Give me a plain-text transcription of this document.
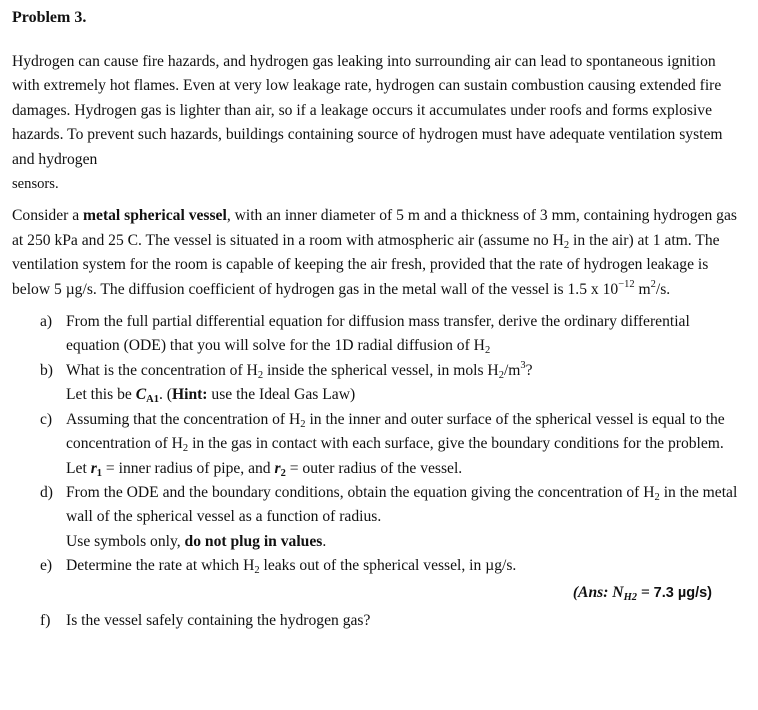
Problem 3.

Hydrogen can cause fire hazards, and hydrogen gas leaking into surrounding air can lead to spontaneous ignition with extremely hot flames. Even at very low leakage rate, hydrogen can sustain combustion causing extended fire damages. Hydrogen gas is lighter than air, so if a leakage occurs it accumulates under roofs and forms explosive hazards. To prevent such hazards, buildings containing source of hydrogen must have adequate ventilation system and hydrogen
sensors.

Consider a metal spherical vessel, with an inner diameter of 5 m and a thickness of 3 mm, containing hydrogen gas at 250 kPa and 25 C. The vessel is situated in a room with atmospheric air (assume no $H_2$ in the air) at 1 atm. The ventilation system for the room is capable of keeping the air fresh, provided that the rate of hydrogen leakage is below 5 µg/s. The diffusion coefficient of hydrogen gas in the metal wall of the vessel is 1.5 x $10^{-12}$ $m^2/s$.

a) From the full partial differential equation for diffusion mass transfer, derive the ordinary differential equation (ODE) that you will solve for the 1D radial diffusion of $H_2$
b) What is the concentration of $H_2$ inside the spherical vessel, in mols $H_2/m^3$?
Let this be $C_{A1}$. (Hint: use the Ideal Gas Law)
c) Assuming that the concentration of $H_2$ in the inner and outer surface of the spherical vessel is equal to the concentration of $H_2$ in the gas in contact with each surface, give the boundary conditions for the problem. Let $r_1$ = inner radius of pipe, and $r_2$ = outer radius of the vessel.
d) From the ODE and the boundary conditions, obtain the equation giving the concentration of $H_2$ in the metal wall of the spherical vessel as a function of radius.
Use symbols only, do not plug in values.
e) Determine the rate at which $H_2$ leaks out of the spherical vessel, in µg/s.
(Ans: $N_{H2} = 7.3$ µg/s)
f) Is the vessel safely containing the hydrogen gas?
